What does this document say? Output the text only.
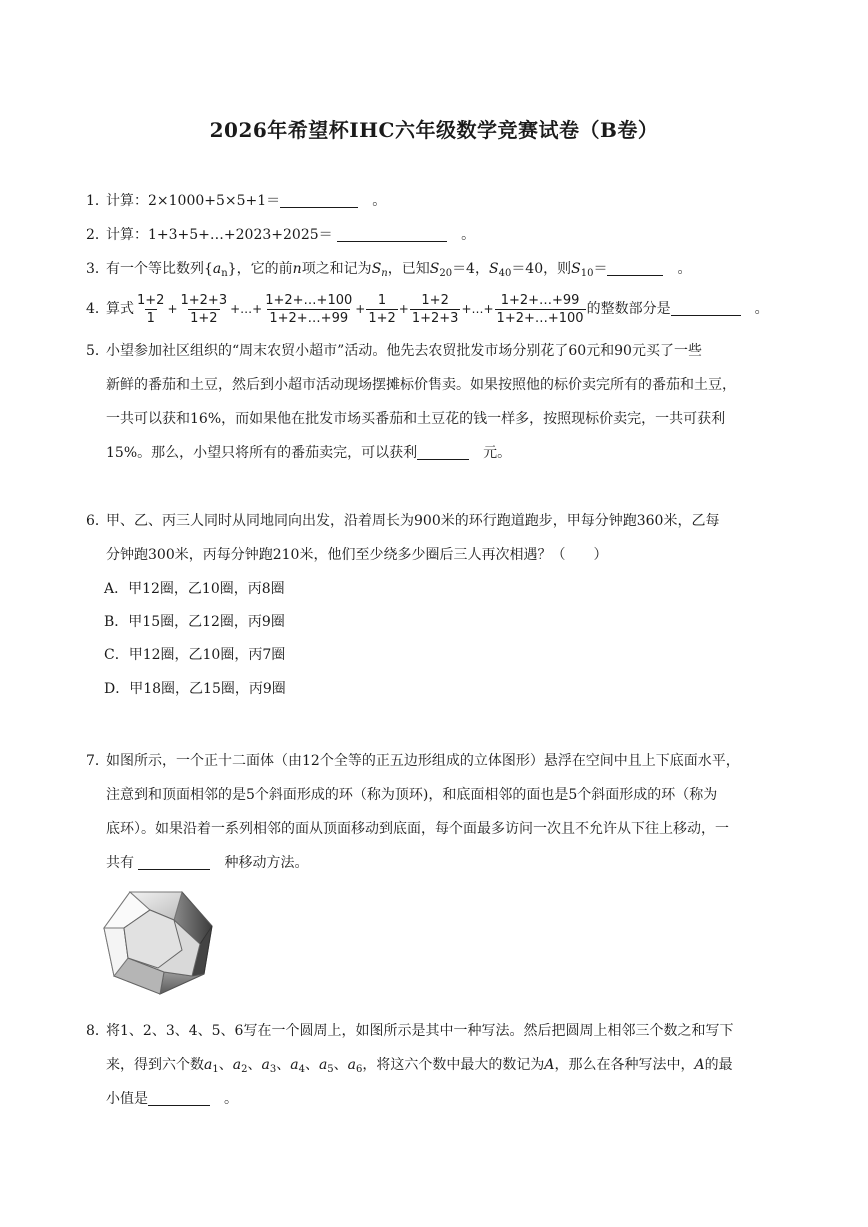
2026年希望杯IHC六年级数学竞赛试卷（B卷）
1．计算：2×1000+5×5+1＝　	。
2．计算：1+3+5+…+2023+2025＝ 　	。
3．有一个等比数列$\{a_n\}$，它的前n项之和记为$S_n$，已知$S_{20}=4$，$S_{40}=40$，则$S_{10}=$　	。
4．算式 $\frac{1+2}{1} + \frac{1+2+3}{1+2}$ +…+ $\frac{1+2+\dots+100}{1+2+\dots+99} + \frac{1}{1+2} + \frac{1+2}{1+2+3}$ +…+ $\frac{1+2+\dots+99}{1+2+\dots+100}$ 的整数部分是　	。
5．小望参加社区组织的“周末农贸小超市”活动。他先去农贸批发市场分别花了60元和90元买了一些
新鲜的番茄和土豆，然后到小超市活动现场摆摊标价售卖。如果按照他的标价卖完所有的番茄和土豆，
一共可以获和16%，而如果他在批发市场买番茄和土豆花的钱一样多，按照现标价卖完，一共可获利
15%。那么，小望只将所有的番茄卖完，可以获利　	元。
6．甲、乙、丙三人同时从同地同向出发，沿着周长为900米的环行跑道跑步，甲每分钟跑360米，乙每
分钟跑300米，丙每分钟跑210米，他们至少绕多少圈后三人再次相遇？（　　）
A．甲12圈，乙10圈，丙8圈
B．甲15圈，乙12圈，丙9圈
C．甲12圈，乙10圈，丙7圈
D．甲18圈，乙15圈，丙9圈
7．如图所示，一个正十二面体（由12个全等的正五边形组成的立体图形）悬浮在空间中且上下底面水平，
注意到和顶面相邻的是5个斜面形成的环（称为顶环)，和底面相邻的面也是5个斜面形成的环（称为
底环）。如果沿着一系列相邻的面从顶面移动到底面，每个面最多访问一次且不允许从下往上移动，一
共有 　	种移动方法。
8．将1、2、3、4、5、6写在一个圆周上，如图所示是其中一种写法。然后把圆周上相邻三个数之和写下
来，得到六个数$a_1$、$a_2$、$a_3$、$a_4$、$a_5$、$a_6$，将这六个数中最大的数记为A，那么在各种写法中，A的最
小值是　	。
